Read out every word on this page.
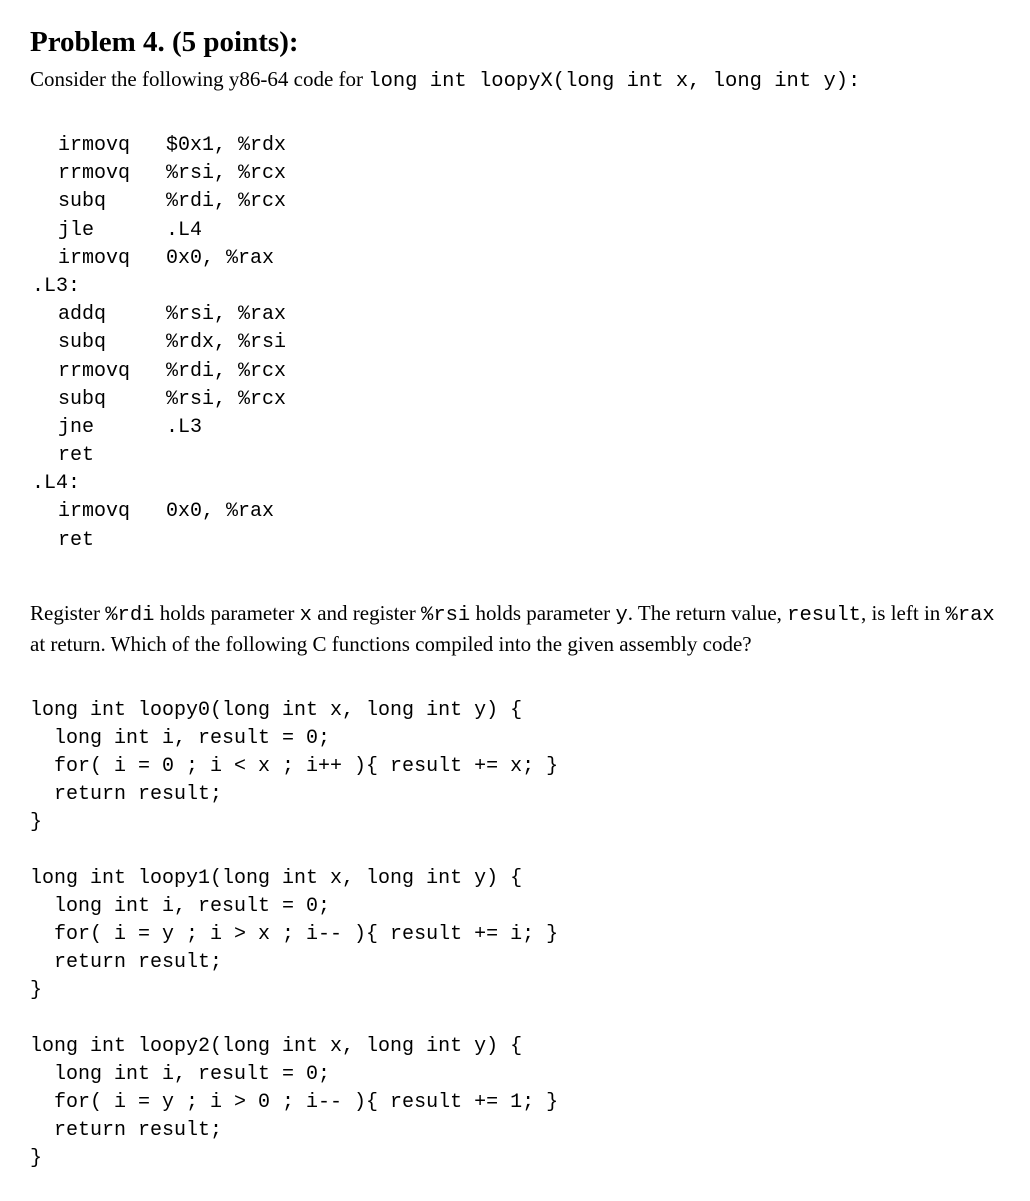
Problem 4. (5 points):

Consider the following y86-64 code for long int loopyX(long int x, long int y):

irmovq $0x1, %rdx
rrmovq %rsi, %rcx
subq	%rdi, %rcx
jle	.L4
irmovq 0x0, %rax
.L3:
addq	%rsi, %rax
subq	%rdx, %rsi
rrmovq %rdi, %rcx
subq	%rsi, %rcx
jne	.L3
ret
.L4:
irmovq 0x0, %rax
ret

Register %rdi holds parameter x and register %rsi holds parameter y. The return value, result, is left in %rax at return. Which of the following C functions compiled into the given assembly code?

long int loopy0(long int x, long int y) {
long int i, result = 0;
for( i = 0 ; i < x ; i++ ){ result += x; }
return result;
}
long int loopy1(long int x, long int y) {
long int i, result = 0;
for( i = y ; i > x ; i-- ){ result += i; }
return result;
}
long int loopy2(long int x, long int y) {
long int i, result = 0;
for( i = y ; i > 0 ; i-- ){ result += 1; }
return result;
}
